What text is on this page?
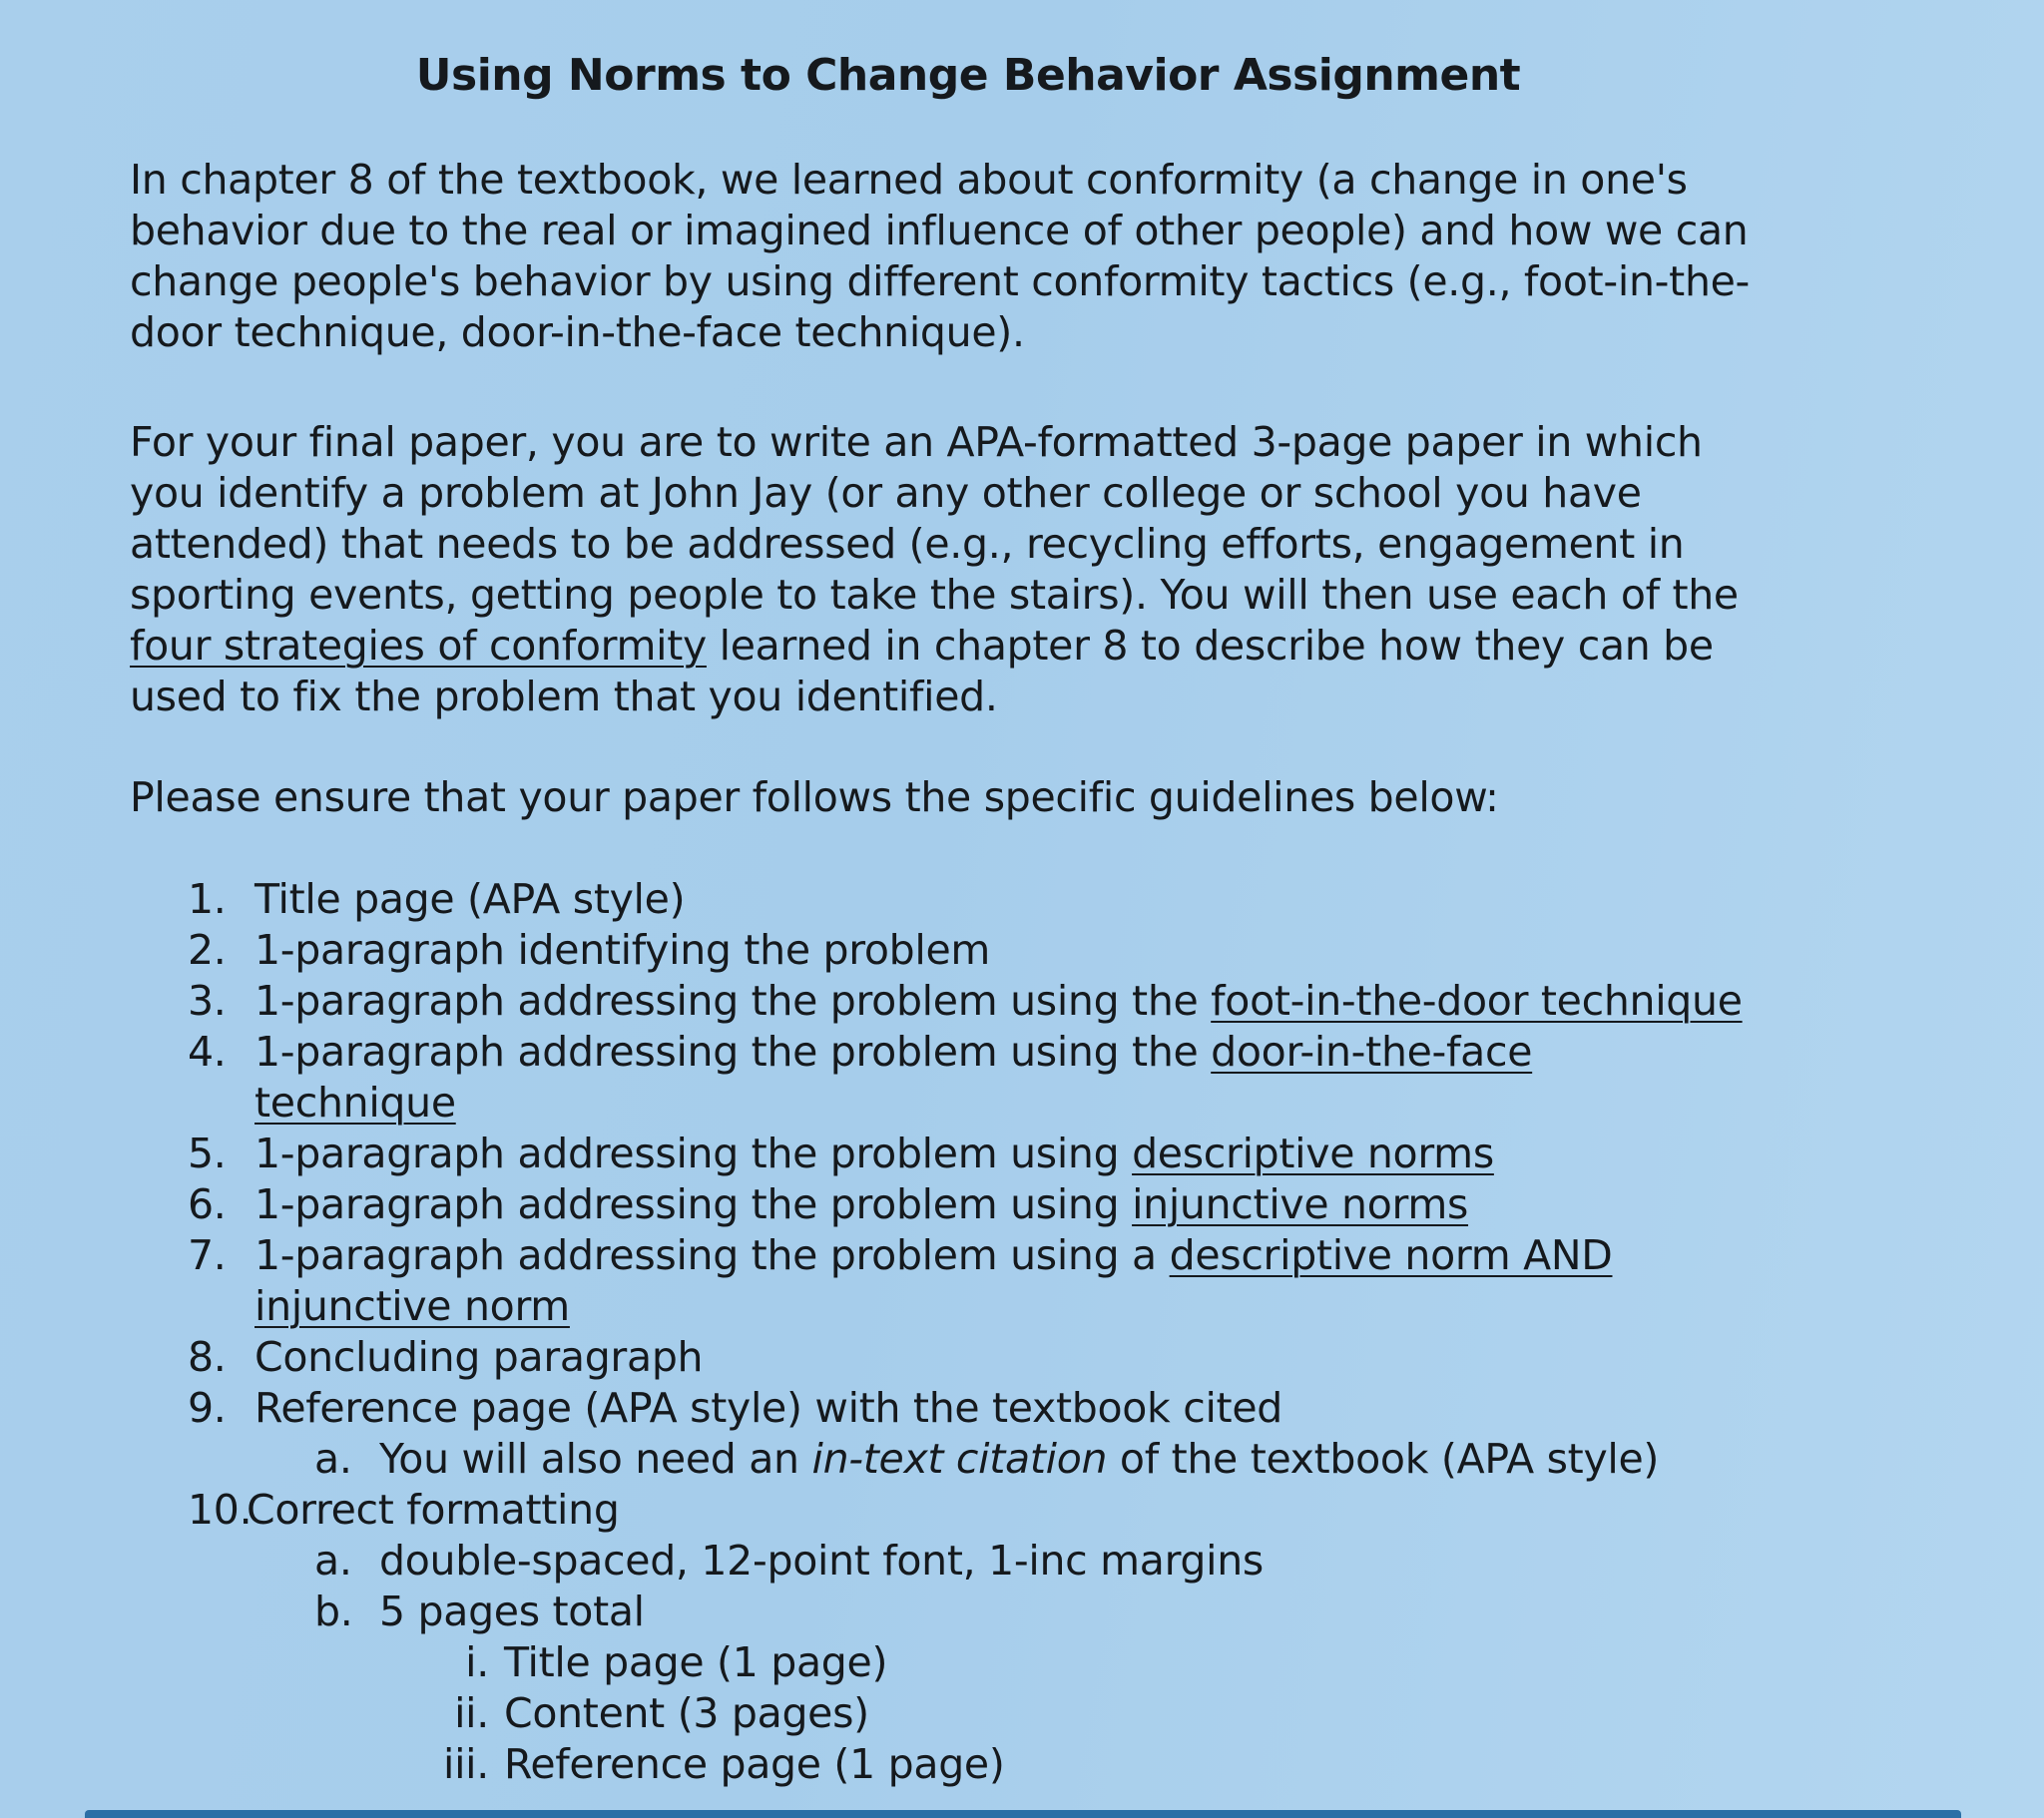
Using Norms to Change Behavior Assignment
In chapter 8 of the textbook, we learned about conformity (a change in one's behavior due to the real or imagined influence of other people) and how we can change people's behavior by using different conformity tactics (e.g., foot-in-the-door technique, door-in-the-face technique).
For your final paper, you are to write an APA-formatted 3-page paper in which you identify a problem at John Jay (or any other college or school you have attended) that needs to be addressed (e.g., recycling efforts, engagement in sporting events, getting people to take the stairs). You will then use each of the four strategies of conformity learned in chapter 8 to describe how they can be used to fix the problem that you identified.
Please ensure that your paper follows the specific guidelines below:
1. Title page (APA style)
2. 1-paragraph identifying the problem
3. 1-paragraph addressing the problem using the foot-in-the-door technique
4. 1-paragraph addressing the problem using the door-in-the-face technique
5. 1-paragraph addressing the problem using descriptive norms
6. 1-paragraph addressing the problem using injunctive norms
7. 1-paragraph addressing the problem using a descriptive norm AND injunctive norm
8. Concluding paragraph
9. Reference page (APA style) with the textbook cited
a. You will also need an in-text citation of the textbook (APA style)
10.
Correct formatting
a. double-spaced, 12-point font, 1-inc margins
b. 5 pages total
i. Title page (1 page)
ii. Content (3 pages)
iii. Reference page (1 page)
